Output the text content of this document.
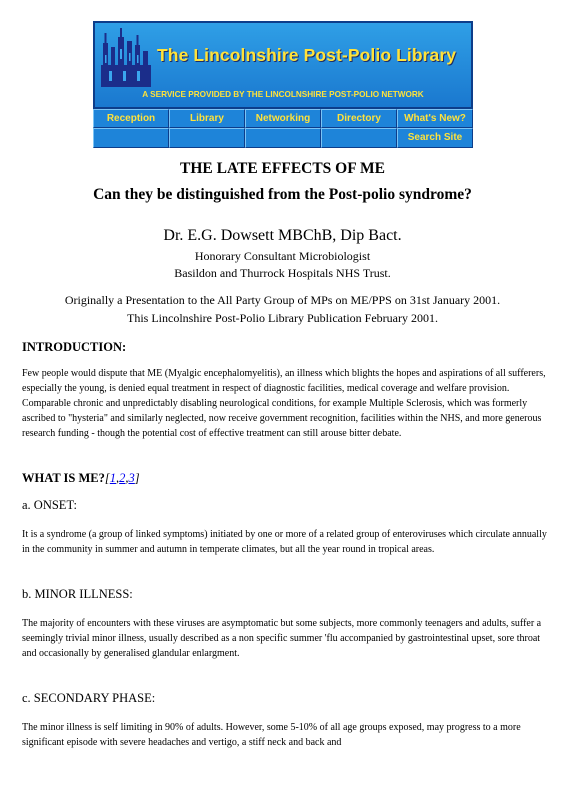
The Lincolnshire Post-Polio Library
A SERVICE PROVIDED BY THE LINCOLNSHIRE POST-POLIO NETWORK
Reception	Library	Networking	Directory	What's New?
Search Site
THE LATE EFFECTS OF ME
Can they be distinguished from the Post-polio syndrome?
Dr. E.G. Dowsett MBChB, Dip Bact.
Honorary Consultant Microbiologist
Basildon and Thurrock Hospitals NHS Trust.
Originally a Presentation to the All Party Group of MPs on ME/PPS on 31st January 2001.
This Lincolnshire Post-Polio Library Publication February 2001.
INTRODUCTION:
Few people would dispute that ME (Myalgic encephalomyelitis), an illness which blights the hopes and aspirations of all sufferers, especially the young, is denied equal treatment in respect of diagnostic facilities, medical coverage and welfare provision. Comparable chronic and unpredictably disabling neurological conditions, for example Multiple Sclerosis, which was formerly ascribed to "hysteria" and similarly neglected, now receive government recognition, facilities within the NHS, and more generous research funding - though the potential cost of effective treatment can still arouse bitter debate.
WHAT IS ME?[1,2,3]
a. ONSET:
It is a syndrome (a group of linked symptoms) initiated by one or more of a related group of enteroviruses which circulate annually in the community in summer and autumn in temperate climates, but all the year round in tropical areas.
b. MINOR ILLNESS:
The majority of encounters with these viruses are asymptomatic but some subjects, more commonly teenagers and adults, suffer a seemingly trivial minor illness, usually described as a non specific summer 'flu accompanied by gastrointestinal upset, sore throat and occasionally by generalised glandular enlargment.
c. SECONDARY PHASE:
The minor illness is self limiting in 90% of adults. However, some 5-10% of all age groups exposed, may progress to a more significant episode with severe headaches and vertigo, a stiff neck and back and
